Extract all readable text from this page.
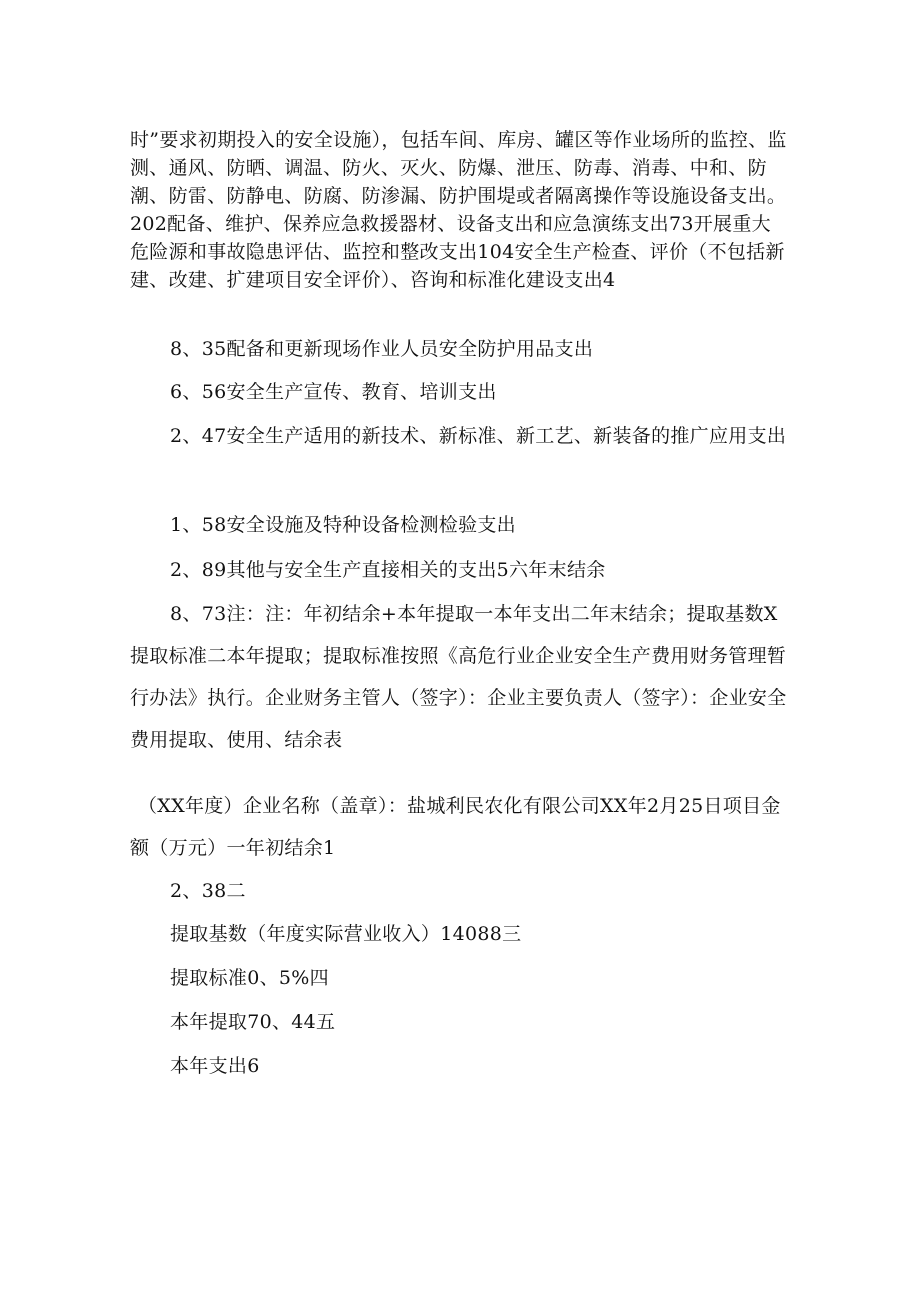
时”要求初期投入的安全设施），包括车间、库房、罐区等作业场所的监控、监测、通风、防晒、调温、防火、灭火、防爆、泄压、防毒、消毒、中和、防潮、防雷、防静电、防腐、防渗漏、防护围堤或者隔离操作等设施设备支出。202配备、维护、保养应急救援器材、设备支出和应急演练支出73开展重大危险源和事故隐患评估、监控和整改支出104安全生产检查、评价（不包括新建、改建、扩建项目安全评价）、咨询和标准化建设支出4

8、35配备和更新现场作业人员安全防护用品支出

6、56安全生产宣传、教育、培训支出

2、47安全生产适用的新技术、新标准、新工艺、新装备的推广应用支出

1、58安全设施及特种设备检测检验支出

2、89其他与安全生产直接相关的支出5六年末结余

8、73注：注：年初结余+本年提取一本年支出二年末结余；提取基数X提取标准二本年提取；提取标准按照《高危行业企业安全生产费用财务管理暂行办法》执行。企业财务主管人（签字）：企业主要负责人（签字）：企业安全费用提取、使用、结余表

（XX年度）企业名称（盖章）：盐城利民农化有限公司XX年2月25日项目金额（万元）一年初结余1

2、38二

提取基数（年度实际营业收入）14088三

提取标准0、5%四

本年提取70、44五

本年支出6
